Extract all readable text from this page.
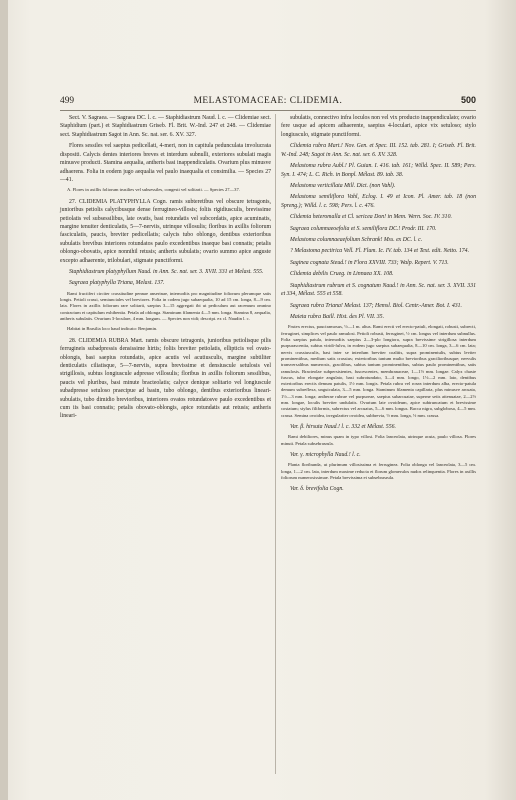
499	MELASTOMACEAE: CLIDEMIA.	500
Sect. V. Sagraea. — Sagraea DC. l. c. — Staphidiastrum Naud. l. c. — Clidemiae sect. Staphidium (part.) et Staphidiastrum Griseb. Fl. Brit. W.-Ind. 247 et 248. — Clidemiae sect. Staphidiastrum Sagot in Ann. Sc. nat. ser. 6. XV. 327.
Flores sessiles vel saepius pedicellati, 4-meri, non in capitula pedunculata involucrata dispositi. Calycis dentes interiores breves et interdum subnulli, exteriores subulati magis minusve producti. Stamina aequalia, antheris basi inappendiculatis. Ovarium plus minusve adhaerens. Folia in eodem jugo aequalia vel paulo inaequalia et consimilia. — Species 27—41.
A. Flores in axillis foliorum trusilies vel subsessiles, congesti vel solitarii. — Species 27—37.
27. CLIDEMIA PLATYPHYLLA Cogn. ramis subteretibus vel obscure tetragonis, junioribus petiolis calycibusque dense ferrugineo-villosis; foliis rigidiusculis, brevissime petiolatis vel subsessilibus, late ovatis, basi rotundatis vel subcordatis, apice acuminatis, margine tenuiter denticulatis, 5—7-nerviis, utrinque villosulis; floribus in axillis foliorum fasciculatis, paucis, breviter pedicellatis; calycis tubo oblongo, dentibus exterioribus subulatis brevibus interiores rotundatos paulo excedentibus inaeque basi connatis; petalis oblongo-obovatis, apice nonnihil retusis; antheris subulatis; ovario summo apice anguste excepto adhaerente, trilobulari, stigmate punctiformi.
Staphidiastrum platyphyllum Naud. in Ann. Sc. nat. ser. 3. XVII. 331 et Melast. 555.
Sagraea platyphylla Triana, Melast. 137.
Rami fructiferi circiter crassitudine pennae anserinae, internodiis pro magnitudine foliorum plerumque satis longis. Petioli crassi, semiunciales vel breviores. Folia in codem jugo subaequalia, 10 ad 15 cm. longa, 8—9 cm. lata. Flores in axillis foliorum rare solitarii, saepius 3—15 aggregati ibi ut pediculum aut racemum omnino contractum et capitulum exhibentia. Petala ad oblonga. Staminum filamenta 4—5 mm. longa. Stamina 8, aequalia, antheris subulatis. Ovarium 3-loculare, 4 mm. longum. — Species non vidi; descript. ex cl. Naudin l. c.
Habitat in Brasilia loco haud indicato: Benjamin.
28. CLIDEMIA RUBRA Mart. ramis obscure tetragonis, junioribus petiolisque pilis ferrugineis subadpressis densissime hirtis; foliis breviter petiolatis, ellipticis vel ovato-oblongis, basi saepius rotundatis, apice acutis vel acutiusculis, margine subtiliter denticulatis ciliatisque, 5—7-nerviis, supra brevissime et densiuscule setulosis vel strigillosis, subtus longiuscule adpresse villosulis; floribus in axillis foliorum sessilibus, paucis vel pluribus, basi minute bracteolatis; calyce denique solitario vel longiuscule subadpresse setuloso praecipue ad basin, tubo oblongo, dentibus exterioribus lineari-subulatis, tubo dimidio brevioribus, interiores ovatos rotundatosve paulo excedentibus et cum iis basi connatis; petalis obovato-oblongis, apice rotundatis aut retusis; antheris lineari-
subulatis, connectivo infra loculos non vel vix producto inappendiculato; ovario fere usque ad apicem adhaerente, saepius 4-loculari, apice vix setuloso; stylo longiusculo, stigmate punctiformi.
Clidemia rubra Mart.! Nov. Gen. et Spec. III. 152. tab. 281. I; Griseb. Fl. Brit. W.-Ind. 248; Sagot in Ann. Sc. nat. ser. 6. XV. 328.
Melastoma rubra Aubl.! Pl. Guian. I. 416. tab. 161; Willd. Spec. II. 589; Pers. Syn. I. 474; L. C. Rich. in Bonpl. Mélast. 89. tab. 38.
Melastoma verticillata Mill. Dict. (non Vahl).
Melastoma semiliflora Vahl, Eclog. I. 49 et Icon. Pl. Amer. tab. 18 (non Spreng.); Willd. l. c. 598; Pers. l. c. 476.
Clidemia heteromalla et Cl. sericea Don! in Mem. Wern. Soc. IV. 310.
Sagraea columnaeoefolia et S. semiliflora DC.! Prodr. III. 170.
Melastoma columnaeaefolium Schrank! Mss. ex DC. l. c.
? Melastoma pectirica Vell. Fl. Flum. Ic. IV. tab. 134 et Text. edit. Netto. 174.
Saginea cognata Steud.! in Flora XXVIII. 733; Walp. Repert. V. 713.
Clidemia debilis Crueg. in Linnaea XX. 108.
Staphidiastrum rubrum et S. cognatum Naud.! in Ann. Sc. nat. ser. 3. XVII. 331 et 334, Mélast. 555 et 558.
Sagraea rubra Triana! Melast. 137; Hemsl. Biol. Centr.-Amer. Bot. I. 431.
Maieta rubra Baill. Hist. des Pl. VII. 35.
Frutex erectus, pauciramosus, ½—1 m. altus. Rami erecti vel erecto-patuli, elongati, robusti, subrecti, ferruginei, simplices vel paulo ramulosi. Petioli robusti, ferruginei, ½ cm. longus vel interdum subnullus. Folia saepius patula, internodiis saepius 2—3-plo longiora, supra brevissime strigillosa interdum purpurascentia, subtus viridi-fulva, in eodem jugo saepius subaequalia, 8—10 cm. longa, 3—6 cm. lata; nervis crassiusculis, basi inter se interdum breviter coalitis, supra prominentulis, subtus leviter prominentibus, medium satis crassius; exterioribus tantum multo brevioribus gracilioribusque; nervulis transversalibus numerosis, gracilibus, subtus tantum prominentibus, subtus paulo prominentibus, satis ramulosis. Bracteolae subpersistentes, fuscescentes, membranaceae, 1—1½ mm. longae. Calyx chaste fuscus, tubo elongate angulato, basi subrotundato, 3—4 mm. longo, 1½—2 mm. lato, dentibus exterioribus erectis demum patulis, 1½ mm. longis. Petala rubra vel rosea interdum alba, erecto-patula demum subreflexa, unguiculata, 3—5 mm. longa. Staminum filamenta capillaria, plus minusve arcuata, 1½—3 mm. longa; antherae rubrae vel purpureae, saepius subarcuatae, superne setis attenuatae, 2—2½ mm. longae, loculis breviter undulatis. Ovarium late ovoideum, apice subtruncatum et brevissime costatum; stylus filiformis, subrectus vel arcuatus, 5—6 mm. longus. Bacca nigra, subglobosa, 4—5 mm. crassa. Semina ovoidea, irregulariter ovoidea, subbrevia, ½ mm. longa, ½ mm. crassa.
Var. β. hirsuta Naud.! l. c. 332 et Mélast. 556.
Rami debiliores, minus quam in typo villosi. Folia lanceolata, utrinque acuta, paulo villosa. Flores minuti. Petala subsebrasrula.
Var. γ. microphylla Naud.! l. c.
Planta floribunda, ut plurimum villosissima et ferruginea. Folia oblonga vel lanceolata, 3—5 cm. longa, 1—2 cm. lata, interdum maxime reducta et florum glomerulos nudos relinquentia. Flores in axillis foliorum numerosissimae. Petala brevissima et subsebrasrula.
Var. δ. brevifolia Cogn.
